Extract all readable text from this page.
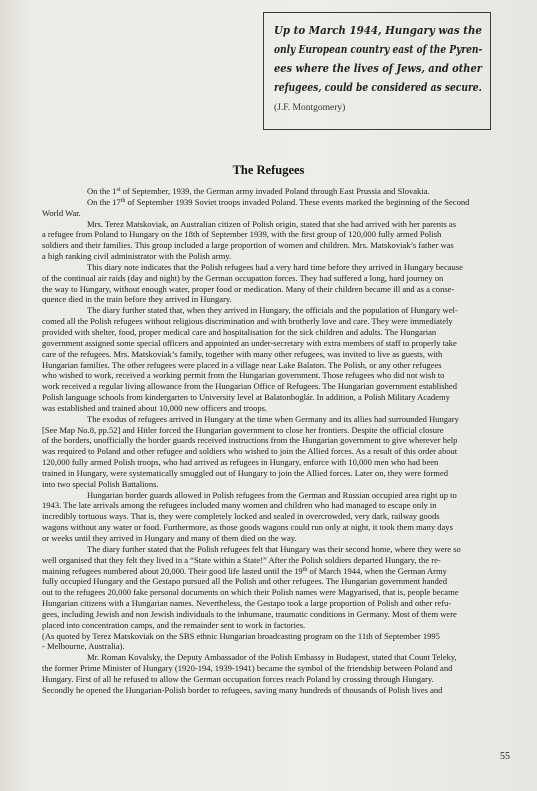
Up to March 1944, Hungary was the
only European country east of the Pyren-
ees where the lives of Jews, and other
refugees, could be considered as secure.
(J.F. Montgomery)
The Refugees
On the 1st of September, 1939, the German army invaded Poland through East Prussia and Slovakia.
On the 17th of September 1939 Soviet troops invaded Poland. These events marked the beginning of the Second
World War.
Mrs. Terez Matskoviak, an Australian citizen of Polish origin, stated that she had arrived with her parents as
a refugee from Poland to Hungary on the 18th of September 1939, with the first group of 120,000 fully armed Polish
soldiers and their families. This group included a large proportion of women and children. Mrs. Matskoviak’s father was
a high ranking civil administrator with the Polish army.
This diary note indicates that the Polish refugees had a very hard time before they arrived in Hungary because
of the continual air raids (day and night) by the German occupation forces. They had suffered a long, hard journey on
the way to Hungary, without enough water, proper food or medication. Many of their children became ill and as a conse-
quence died in the train before they arrived in Hungary.
The diary further stated that, when they arrived in Hungary, the officials and the population of Hungary wel-
comed all the Polish refugees without religious discrimination and with brotherly love and care. They were immediately
provided with shelter, food, proper medical care and hospitalisation for the sick children and adults. The Hungarian
government assigned some special officers and appointed an under-secretary with extra members of staff to properly take
care of the refugees. Mrs. Matskoviak’s family, together with many other refugees, was invited to live as guests, with
Hungarian families. The other refugees were placed in a village near Lake Balaton. The Polish, or any other refugees
who wished to work, received a working permit from the Hungarian government. Those refugees who did not wish to
work received a regular living allowance from the Hungarian Office of Refugees. The Hungarian government established
Polish language schools from kindergarten to University level at Balatonboglár. In addition, a Polish Military Academy
was established and trained about 10,000 new officers and troops.
The exodus of refugees arrived in Hungary at the time when Germany and its allies had surrounded Hungary
[See Map No.8, pp.52] and Hitler forced the Hungarian government to close her frontiers. Despite the official closure
of the borders, unofficially the border guards received instructions from the Hungarian government to give wherever help
was required to Poland and other refugee and soldiers who wished to join the Allied forces. As a result of this order about
120,000 fully armed Polish troops, who had arrived as refugees in Hungary, enforce with 10,000 men who had been
trained in Hungary, were systematically smuggled out of Hungary to join the Allied forces. Later on, they were formed
into two special Polish Battalions.
Hungarian border guards allowed in Polish refugees from the German and Russian occupied area right up to
1943. The late arrivals among the refugees included many women and children who had managed to escape only in
incredibly tortuous ways. That is, they were completely locked and sealed in overcrowded, very dark, railway goods
wagons without any water or food. Furthermore, as those goods wagons could run only at night, it took them many days
or weeks until they arrived in Hungary and many of them died on the way.
The diary further stated that the Polish refugees felt that Hungary was their second home, where they were so
well organised that they felt they lived in a “State within a State!” After the Polish soldiers departed Hungary, the re-
maining refugees numbered about 20,000. Their good life lasted until the 19th of March 1944, when the German Army
fully occupied Hungary and the Gestapo pursued all the Polish and other refugees. The Hungarian government handed
out to the refugees 20,000 fake personal documents on which their Polish names were Magyarised, that is, people became
Hungarian citizens with a Hungarian names. Nevertheless, the Gestapo took a large proportion of Polish and other refu-
gees, including Jewish and non Jewish individuals to the inhumane, traumatic conditions in Germany. Most of them were
placed into concentration camps, and the remainder sent to work in factories.
(As quoted by Terez Matskoviak on the SBS ethnic Hungarian broadcasting program on the 11th of September 1995
- Melbourne, Australia).
Mr. Roman Kovalsky, the Deputy Ambassador of the Polish Embassy in Budapest, stated that Count Teleky,
the former Prime Minister of Hungary (1920-194, 1939-1941) became the symbol of the friendship between Poland and
Hungary. First of all he refused to allow the German occupation forces reach Poland by crossing through Hungary.
Secondly he opened the Hungarian-Polish border to refugees, saving many hundreds of thousands of Polish lives and
55
